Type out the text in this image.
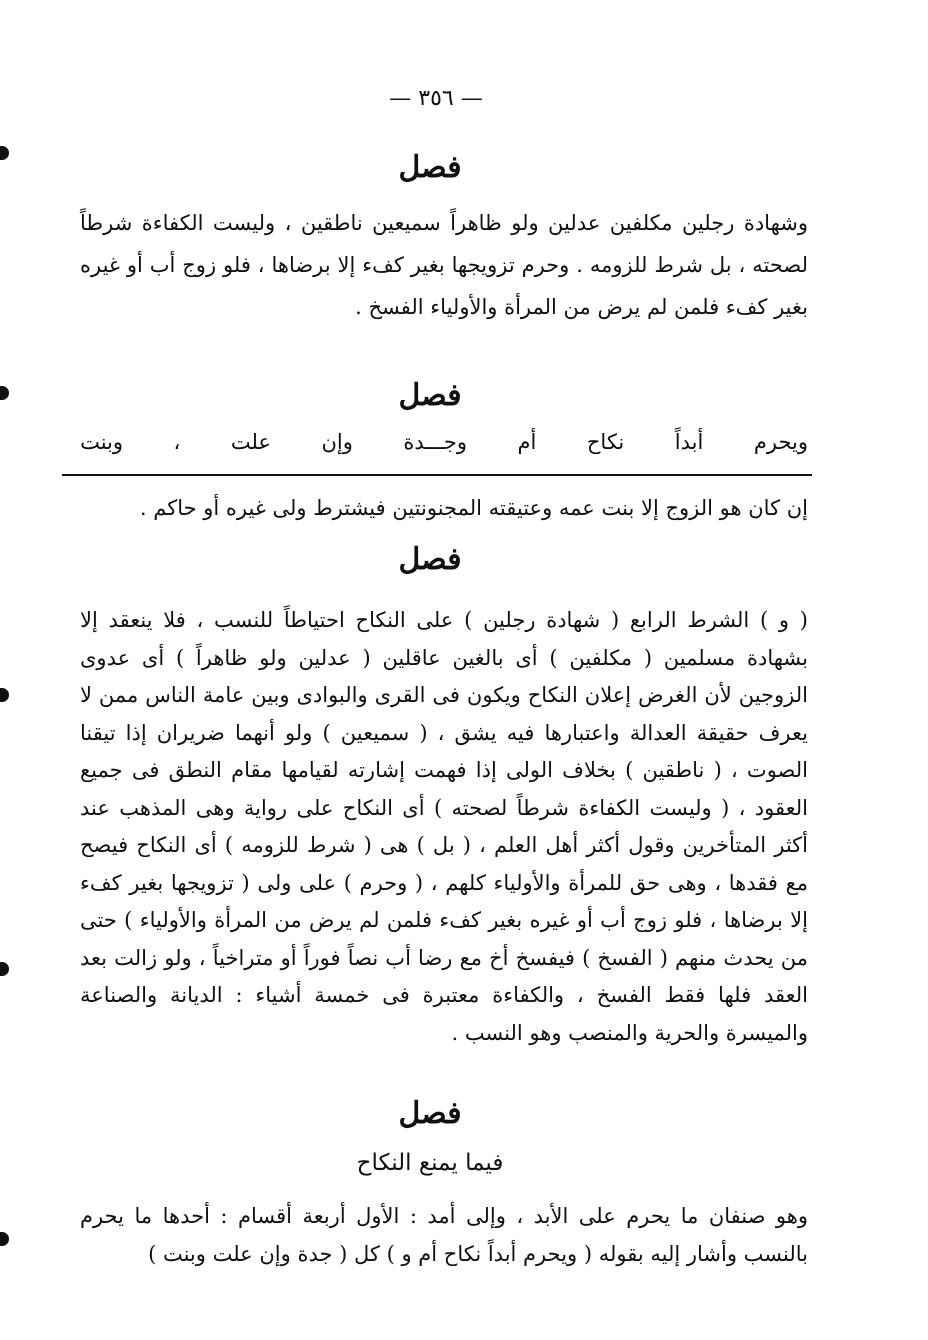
— ٣٥٦ —
فصل
وشهادة رجلين مكلفين عدلين ولو ظاهراً سميعين ناطقين ، وليست الكفاءة شرطاً لصحته ، بل شرط للزومه . وحرم تزويجها بغير كفء إلا برضاها ، فلو زوج أب أو غيره بغير كفء فلمن لم يرض من المرأة والأولياء الفسخ .
فصل
ويحرم
أبداً
نكاح
أم
وجـــدة
وإن
علت
،
وبنت
إن كان هو الزوج إلا بنت عمه وعتيقته المجنونتين فيشترط ولى غيره أو حاكم .
فصل
( و ) الشرط الرابع ( شهادة رجلين ) على النكاح احتياطاً للنسب ، فلا ينعقد إلا بشهادة مسلمين ( مكلفين ) أى بالغين عاقلين ( عدلين ولو ظاهراً ) أى عدوى الزوجين لأن الغرض إعلان النكاح ويكون فى القرى والبوادى وبين عامة الناس ممن لا يعرف حقيقة العدالة واعتبارها فيه يشق ، ( سميعين ) ولو أنهما ضريران إذا تيقنا الصوت ، ( ناطقين ) بخلاف الولى إذا فهمت إشارته لقيامها مقام النطق فى جميع العقود ، ( وليست الكفاءة شرطاً لصحته ) أى النكاح على رواية وهى المذهب عند أكثر المتأخرين وقول أكثر أهل العلم ، ( بل ) هى ( شرط للزومه ) أى النكاح فيصح مع فقدها ، وهى حق للمرأة والأولياء كلهم ، ( وحرم ) على ولى ( تزويجها بغير كفء إلا برضاها ، فلو زوج أب أو غيره بغير كفء فلمن لم يرض من المرأة والأولياء ) حتى من يحدث منهم ( الفسخ ) فيفسخ أخ مع رضا أب نصاً فوراً أو متراخياً ، ولو زالت بعد العقد فلها فقط الفسخ ، والكفاءة معتبرة فى خمسة أشياء : الديانة والصناعة والميسرة والحرية والمنصب وهو النسب .
فصل
فيما يمنع النكاح
وهو صنفان ما يحرم على الأبد ، وإلى أمد : الأول أربعة أقسام : أحدها ما يحرم بالنسب وأشار إليه بقوله ( ويحرم أبداً نكاح أم و ) كل ( جدة وإن علت وبنت )
